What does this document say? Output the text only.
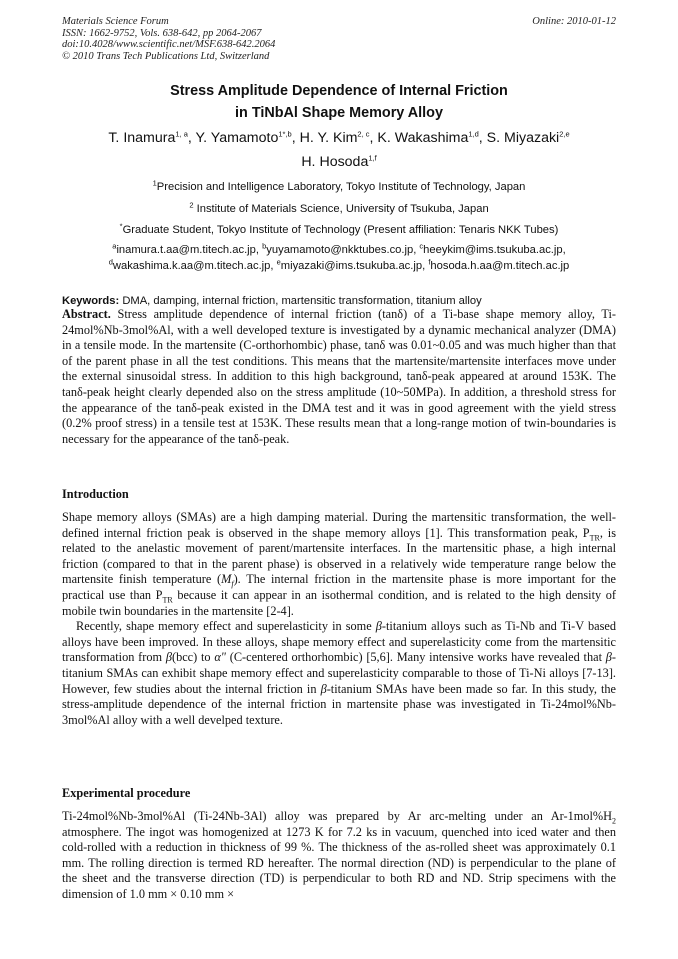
Materials Science Forum
ISSN: 1662-9752, Vols. 638-642, pp 2064-2067
doi:10.4028/www.scientific.net/MSF.638-642.2064
© 2010 Trans Tech Publications Ltd, Switzerland
Online: 2010-01-12
Stress Amplitude Dependence of Internal Friction
in TiNbAl Shape Memory Alloy
T. Inamura$^{1, a}$, Y. Yamamoto$^{1*,b}$, H. Y. Kim$^{2, c}$, K. Wakashima$^{1,d}$, S. Miyazaki$^{2,e}$
H. Hosoda$^{1,f}$
$^1$Precision and Intelligence Laboratory, Tokyo Institute of Technology, Japan
$^2$ Institute of Materials Science, University of Tsukuba, Japan
*Graduate Student, Tokyo Institute of Technology (Present affiliation: Tenaris NKK Tubes)
$^a$inamura.t.aa@m.titech.ac.jp, $^b$yuyamamoto@nkktubes.co.jp, $^c$heeykim@ims.tsukuba.ac.jp,
$^d$wakashima.k.aa@m.titech.ac.jp, $^e$miyazaki@ims.tsukuba.ac.jp, $^f$hosoda.h.aa@m.titech.ac.jp
Keywords: DMA, damping, internal friction, martensitic transformation, titanium alloy

Abstract. Stress amplitude dependence of internal friction (tanδ) of a Ti-base shape memory alloy, Ti-24mol%Nb-3mol%Al, with a well developed texture is investigated by a dynamic mechanical analyzer (DMA) in a tensile mode. In the martensite (C-orthorhombic) phase, tanδ was 0.01~0.05 and was much higher than that of the parent phase in all the test conditions. This means that the martensite/martensite interfaces move under the external sinusoidal stress. In addition to this high background, tanδ-peak appeared at around 153K. The tanδ-peak height clearly depended also on the stress amplitude (10~50MPa). In addition, a threshold stress for the appearance of the tanδ-peak existed in the DMA test and it was in good agreement with the yield stress (0.2% proof stress) in a tensile test at 153K. These results mean that a long-range motion of twin-boundaries is necessary for the appearance of the tanδ-peak.

Introduction

Shape memory alloys (SMAs) are a high damping material. During the martensitic transformation, the well-defined internal friction peak is observed in the shape memory alloys [1]. This transformation peak, $P_{TR}$, is related to the anelastic movement of parent/martensite interfaces. In the martensitic phase, a high internal friction (compared to that in the parent phase) is observed in a relatively wide temperature range below the martensite finish temperature $(M_f)$. The internal friction in the martensite phase is more important for the practical use than $P_{TR}$ because it can appear in an isothermal condition, and is related to the high density of mobile twin boundaries in the martensite [2-4].

Recently, shape memory effect and superelasticity in some β-titanium alloys such as Ti-Nb and Ti-V based alloys have been improved. In these alloys, shape memory effect and superelasticity come from the martensitic transformation from β(bcc) to α" (C-centered orthorhombic) [5,6]. Many intensive works have revealed that β-titanium SMAs can exhibit shape memory effect and superelasticity comparable to those of Ti-Ni alloys [7-13]. However, few studies about the internal friction in β-titanium SMAs have been made so far. In this study, the stress-amplitude dependence of the internal friction in martensite phase was investigated in Ti-24mol%Nb-3mol%Al alloy with a well develped texture.

Experimental procedure

Ti-24mol%Nb-3mol%Al (Ti-24Nb-3Al) alloy was prepared by Ar arc-melting under an $Ar-1mol\%H_2$ atmosphere. The ingot was homogenized at 1273 K for 7.2 ks in vacuum, quenched into iced water and then cold-rolled with a reduction in thickness of 99 %. The thickness of the as-rolled sheet was approximately 0.1 mm. The rolling direction is termed RD hereafter. The normal direction (ND) is perpendicular to the plane of the sheet and the transverse direction (TD) is perpendicular to both RD and ND. Strip specimens with the dimension of 1.0 mm × 0.10 mm ×
